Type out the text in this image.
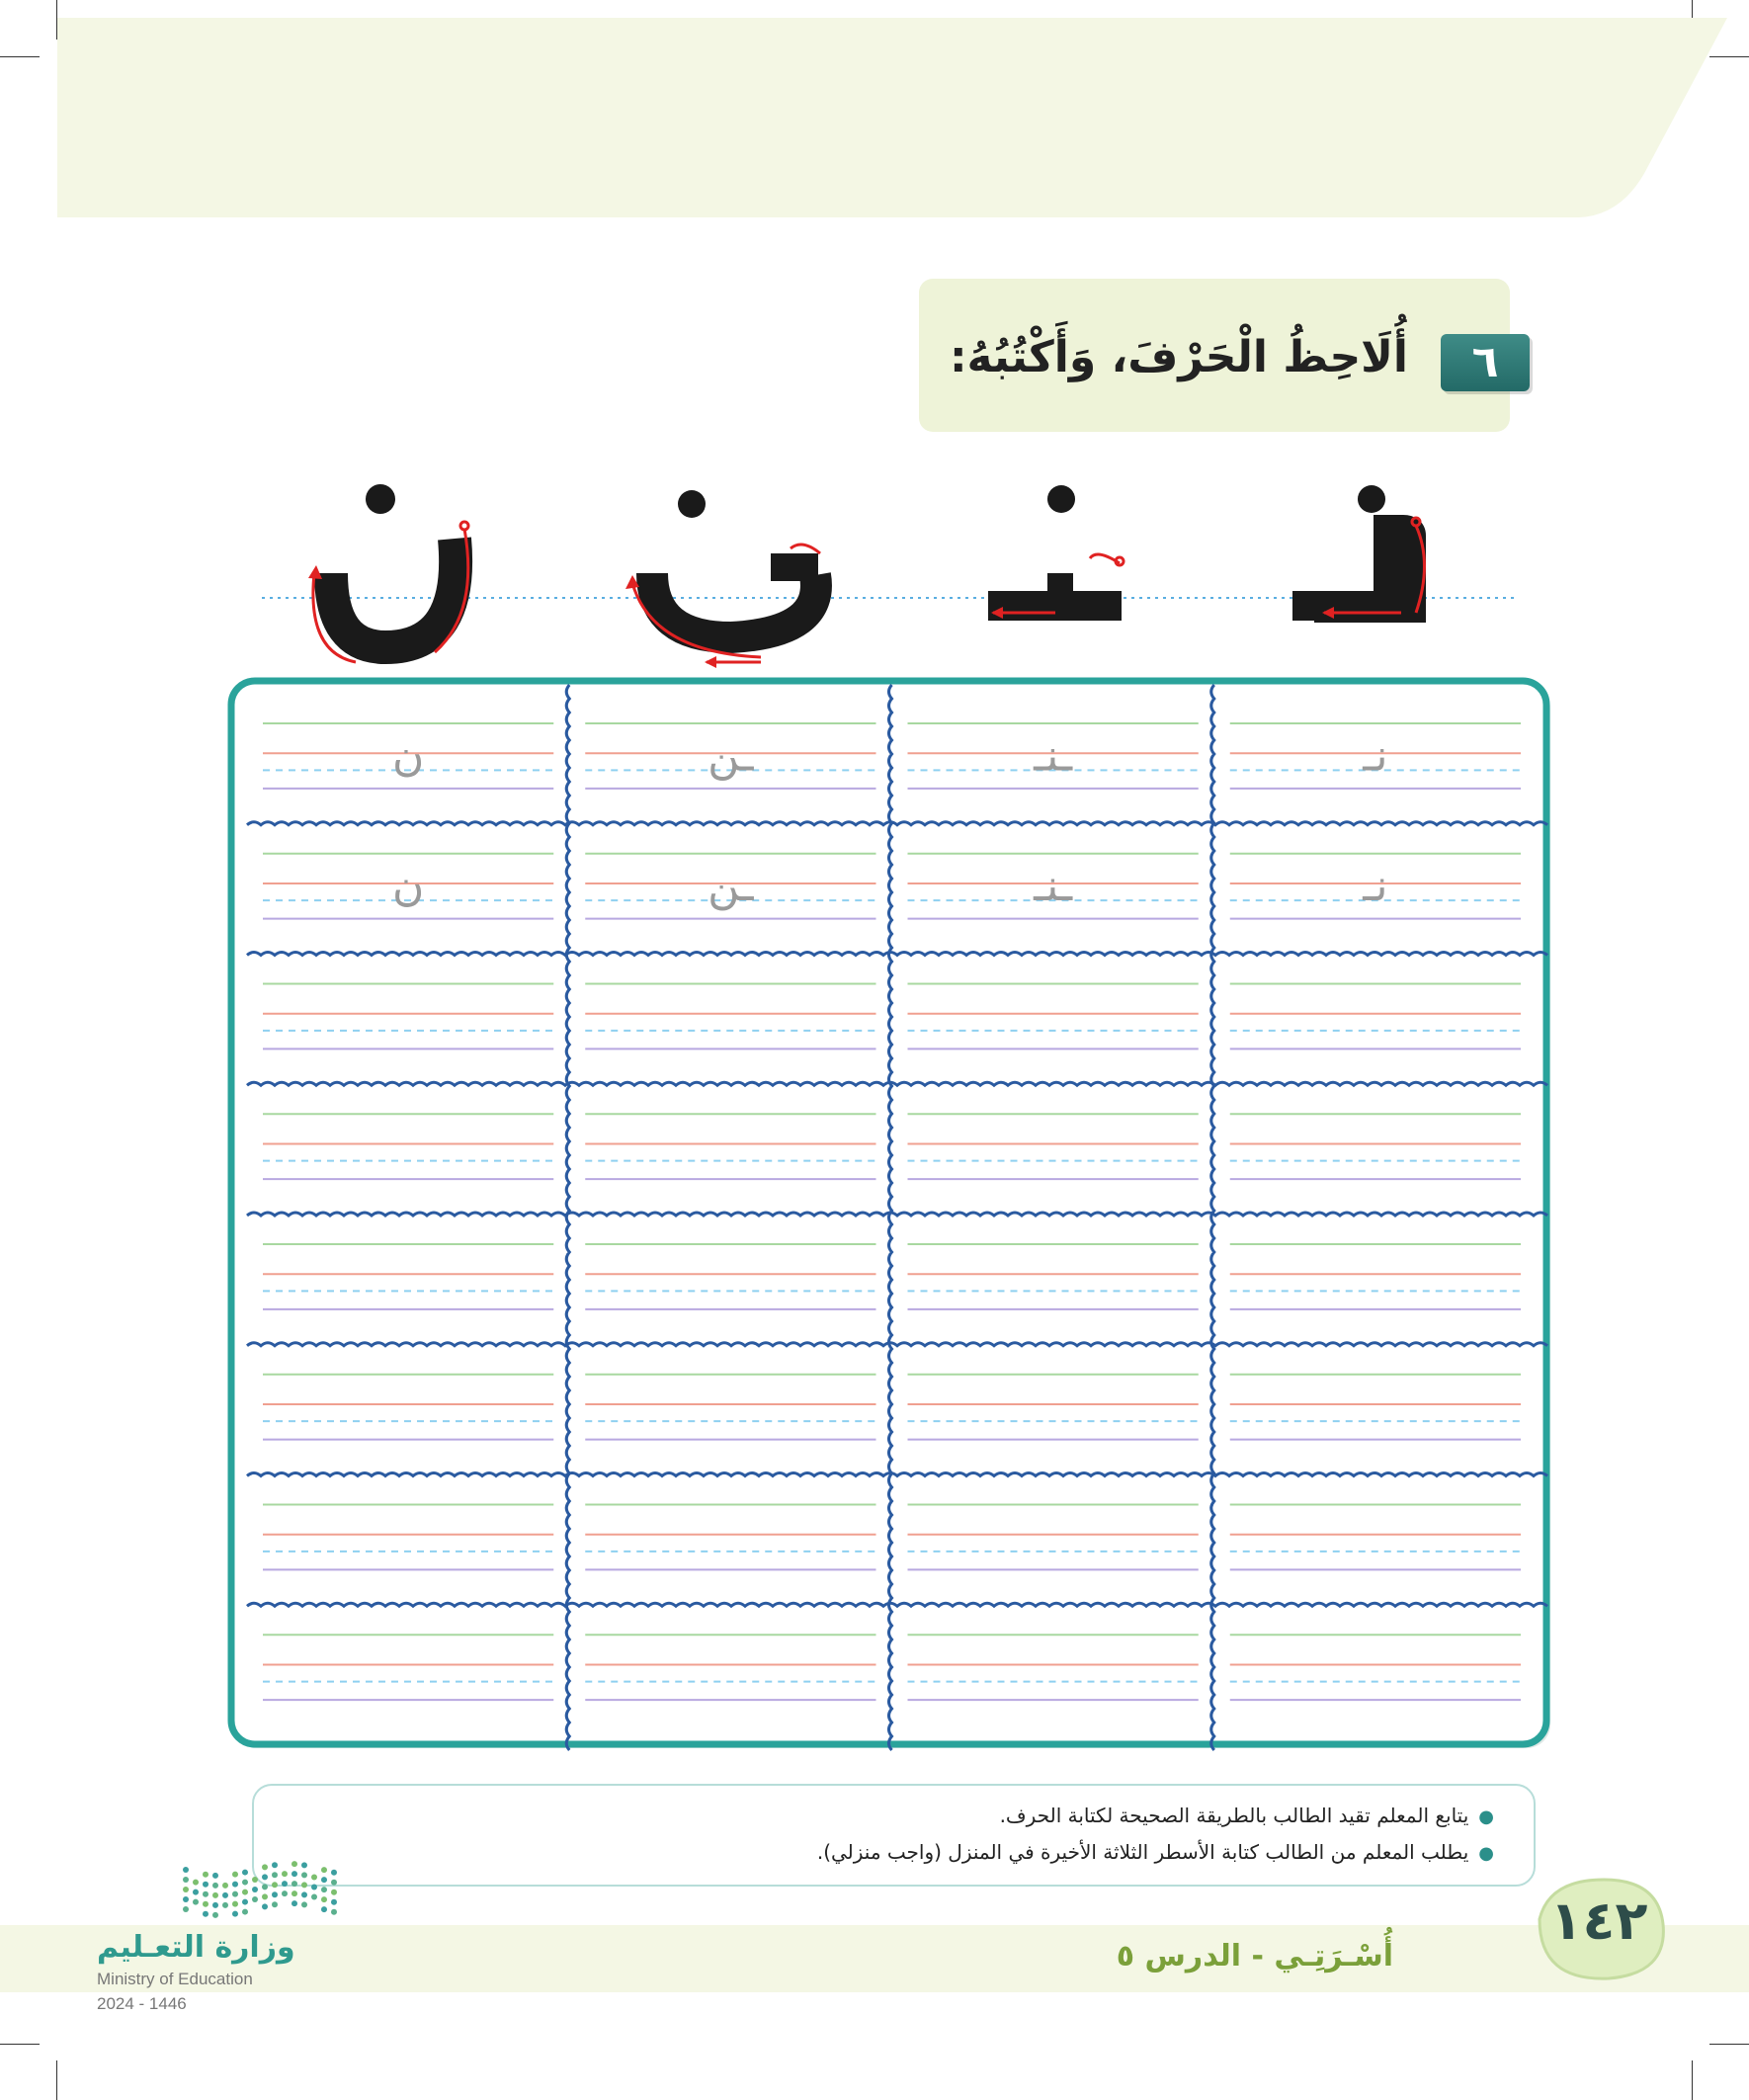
٦
أُلَاحِظُ الْحَرْفَ، وَأَكْتُبُهُ:
نـ
ـنـ
ـن
ن
نـ
ـنـ
ـن
ن
●يتابع المعلم تقيد الطالب بالطريقة الصحيحة لكتابة الحرف.
●يطلب المعلم من الطالب كتابة الأسطر الثلاثة الأخيرة في المنزل (واجب منزلي).
١٤٢
أُسْـرَتِـي - الدرس ٥
وزارة التعـليم
Ministry of Education
2024 - 1446
